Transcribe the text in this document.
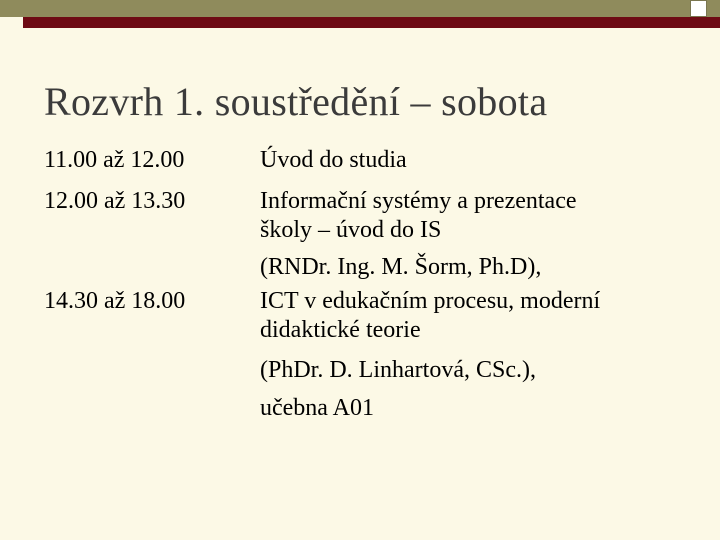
Rozvrh 1. soustředění – sobota
11.00 až 12.00
12.00 až 13.30
14.30 až 18.00
Úvod do studia
Informační systémy a prezentace
školy – úvod do IS
(RNDr. Ing. M. Šorm, Ph.D),
ICT v edukačním procesu, moderní
didaktické teorie
(PhDr. D. Linhartová, CSc.),
učebna A01
